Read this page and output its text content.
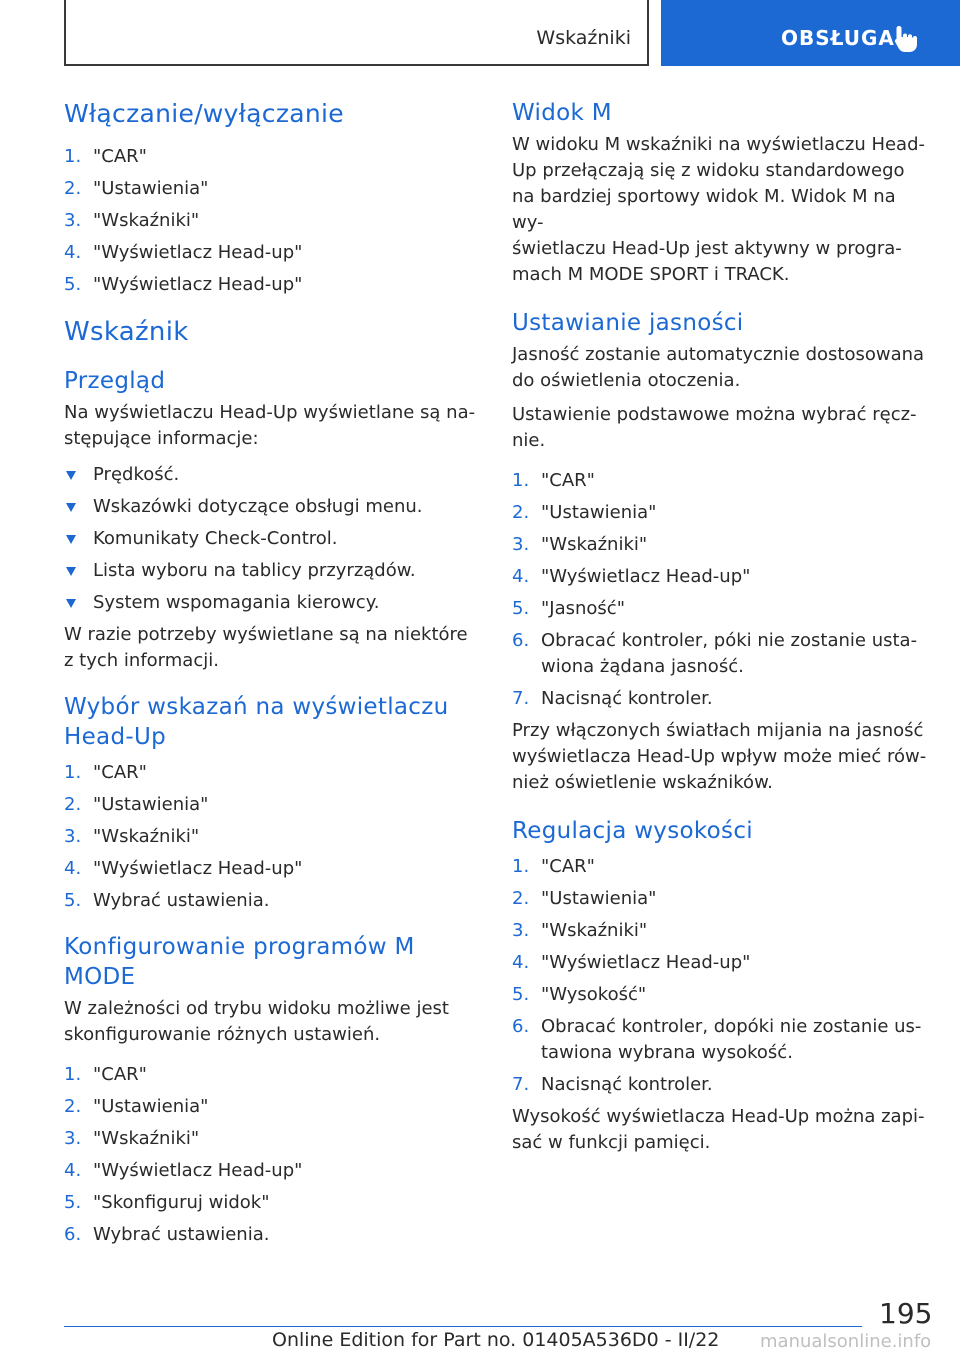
Wskaźniki	OBSŁUGA
Włączanie/wyłączanie
1. "CAR"
2. "Ustawienia"
3. "Wskaźniki"
4. "Wyświetlacz Head-up"
5. "Wyświetlacz Head-up"
Wskaźnik
Przegląd

Na wyświetlaczu Head-Up wyświetlane są na-
stępujące informacje:

Prędkość.
Wskazówki dotyczące obsługi menu.
Komunikaty Check-Control.
Lista wyboru na tablicy przyrządów.
System wspomagania kierowcy.

W razie potrzeby wyświetlane są na niektóre
z tych informacji.

Wybór wskazań na wyświetlaczu
Head-Up
1. "CAR"
2. "Ustawienia"
3. "Wskaźniki"
4. "Wyświetlacz Head-up"
5. Wybrać ustawienia.
Konfigurowanie programów M MODE

W zależności od trybu widoku możliwe jest
skonfigurowanie różnych ustawień.

1. "CAR"
2. "Ustawienia"
3. "Wskaźniki"
4. "Wyświetlacz Head-up"
5. "Skonfiguruj widok"
6. Wybrać ustawienia.
Widok M

W widoku M wskaźniki na wyświetlaczu Head-
Up przełączają się z widoku standardowego
na bardziej sportowy widok M. Widok M na wy-
świetlaczu Head-Up jest aktywny w progra-
mach M MODE SPORT i TRACK.

Ustawianie jasności

Jasność zostanie automatycznie dostosowana
do oświetlenia otoczenia.

Ustawienie podstawowe można wybrać ręcz-
nie.

1. "CAR"
2. "Ustawienia"
3. "Wskaźniki"
4. "Wyświetlacz Head-up"
5. "Jasność"
6. Obracać kontroler, póki nie zostanie usta-
wiona żądana jasność.
7. Nacisnąć kontroler.

Przy włączonych światłach mijania na jasność
wyświetlacza Head-Up wpływ może mieć rów-
nież oświetlenie wskaźników.

Regulacja wysokości
1. "CAR"
2. "Ustawienia"
3. "Wskaźniki"
4. "Wyświetlacz Head-up"
5. "Wysokość"
6. Obracać kontroler, dopóki nie zostanie us-
tawiona wybrana wysokość.
7. Nacisnąć kontroler.

Wysokość wyświetlacza Head-Up można zapi-
sać w funkcji pamięci.

195
Online Edition for Part no. 01405A536D0 - II/22 manualsonline.info
